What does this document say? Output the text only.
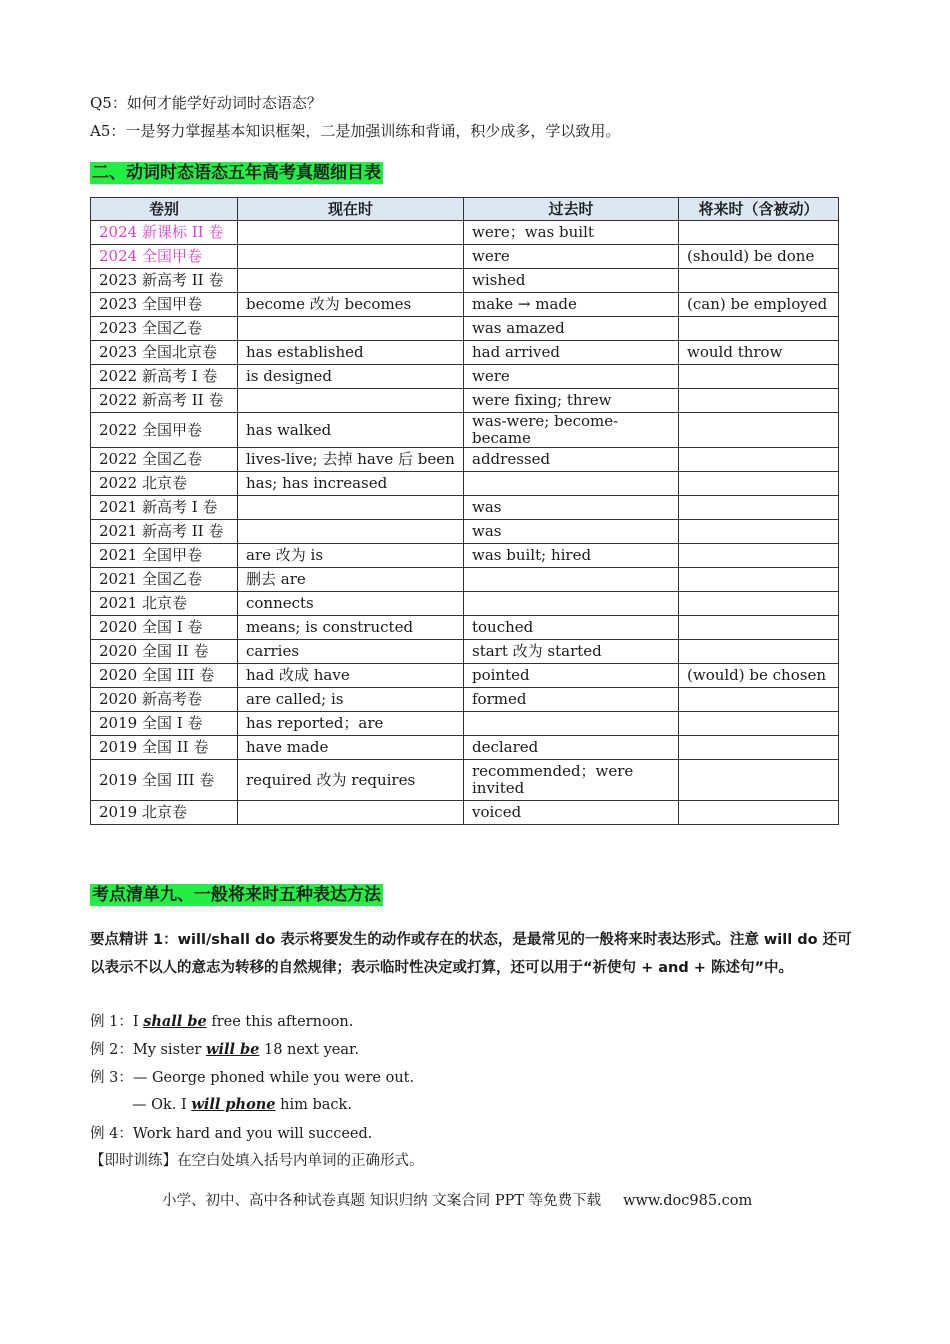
Q5：如何才能学好动词时态语态？
A5：一是努力掌握基本知识框架，二是加强训练和背诵，积少成多，学以致用。
二、动词时态语态五年高考真题细目表
卷别	现在时	过去时	将来时（含被动）
2024 新课标 II 卷		were；was built	
2024 全国甲卷		were	(should) be done
2023 新高考 II 卷		wished	
2023 全国甲卷	become 改为 becomes	make → made	(can) be employed
2023 全国乙卷		was amazed	
2023 全国北京卷	has established	had arrived	would throw
2022 新高考 I 卷	is designed	were	
2022 新高考 II 卷		were fixing; threw	
2022 全国甲卷	has walked	was-were; become-became	
2022 全国乙卷	lives-live; 去掉 have 后 been	addressed	
2022 北京卷	has; has increased		
2021 新高考 I 卷		was	
2021 新高考 II 卷		was	
2021 全国甲卷	are 改为 is	was built; hired	
2021 全国乙卷	删去 are		
2021 北京卷	connects		
2020 全国 I 卷	means; is constructed	touched	
2020 全国 II 卷	carries	start 改为 started	
2020 全国 III 卷	had 改成 have	pointed	(would) be chosen
2020 新高考卷	are called; is	formed	
2019 全国 I 卷	has reported；are		
2019 全国 II 卷	have made	declared	
2019 全国 III 卷	required 改为 requires	recommended；were invited	
2019 北京卷		voiced	
考点清单九、一般将来时五种表达方法
要点精讲 1：will/shall do 表示将要发生的动作或存在的状态，是最常见的一般将来时表达形式。注意 will do 还可以表示不以人的意志为转移的自然规律；表示临时性决定或打算，还可以用于“祈使句 + and + 陈述句”中。
例 1：I shall be free this afternoon.
例 2：My sister will be 18 next year.
例 3：— George phoned while you were out.
— Ok. I will phone him back.
例 4：Work hard and you will succeed.
【即时训练】在空白处填入括号内单词的正确形式。
小学、初中、高中各种试卷真题 知识归纳 文案合同 PPT 等免费下载 www.doc985.com
